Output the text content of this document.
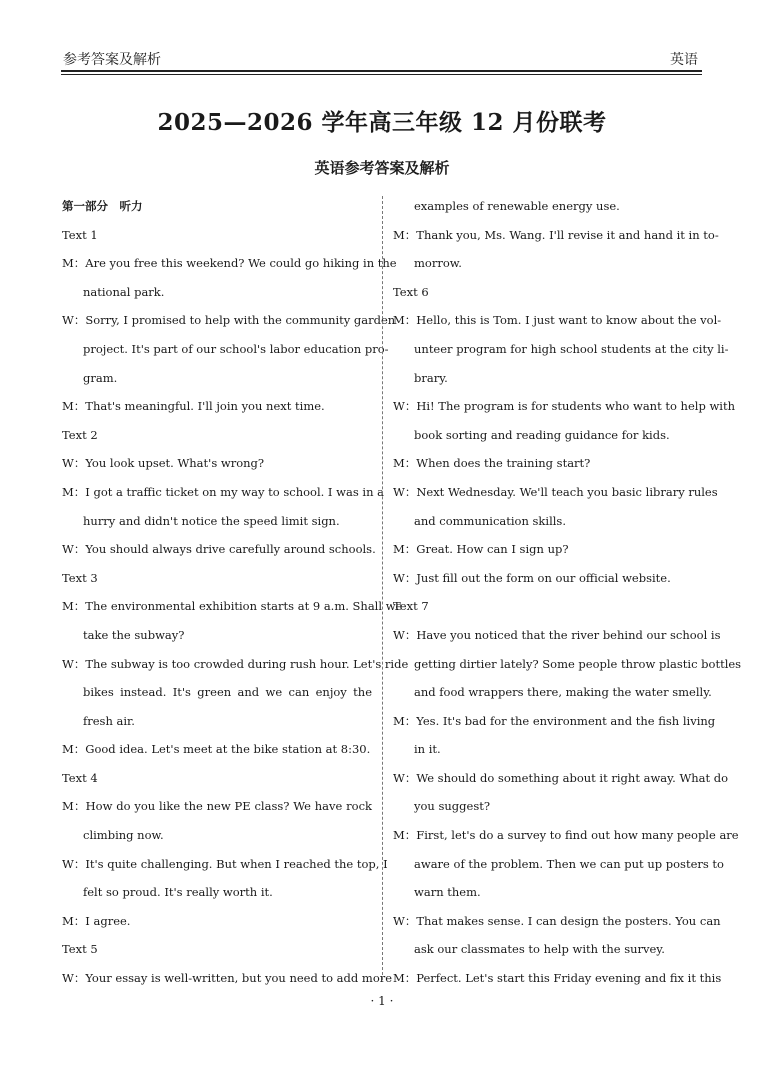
参考答案及解析	英语
2025—2026 学年高三年级 12 月份联考
英语参考答案及解析
第一部分　听力
Text 1
M：Are you free this weekend? We could go hiking in the
national park.
W：Sorry, I promised to help with the community garden
project. It's part of our school's labor education pro-
gram.
M：That's meaningful. I'll join you next time.
Text 2
W：You look upset. What's wrong?
M：I got a traffic ticket on my way to school. I was in a
hurry and didn't notice the speed limit sign.
W：You should always drive carefully around schools.
Text 3
M：The environmental exhibition starts at 9 a.m. Shall we
take the subway?
W：The subway is too crowded during rush hour. Let's ride
bikes instead. It's green and we can enjoy the
fresh air.
M：Good idea. Let's meet at the bike station at 8:30.
Text 4
M：How do you like the new PE class? We have rock
climbing now.
W：It's quite challenging. But when I reached the top, I
felt so proud. It's really worth it.
M：I agree.
Text 5
W：Your essay is well-written, but you need to add more
examples of renewable energy use.
M：Thank you, Ms. Wang. I'll revise it and hand it in to-
morrow.
Text 6
M：Hello, this is Tom. I just want to know about the vol-
unteer program for high school students at the city li-
brary.
W：Hi! The program is for students who want to help with
book sorting and reading guidance for kids.
M：When does the training start?
W：Next Wednesday. We'll teach you basic library rules
and communication skills.
M：Great. How can I sign up?
W：Just fill out the form on our official website.
Text 7
W：Have you noticed that the river behind our school is
getting dirtier lately? Some people throw plastic bottles
and food wrappers there, making the water smelly.
M：Yes. It's bad for the environment and the fish living
in it.
W：We should do something about it right away. What do
you suggest?
M：First, let's do a survey to find out how many people are
aware of the problem. Then we can put up posters to
warn them.
W：That makes sense. I can design the posters. You can
ask our classmates to help with the survey.
M：Perfect. Let's start this Friday evening and fix it this
· 1 ·
